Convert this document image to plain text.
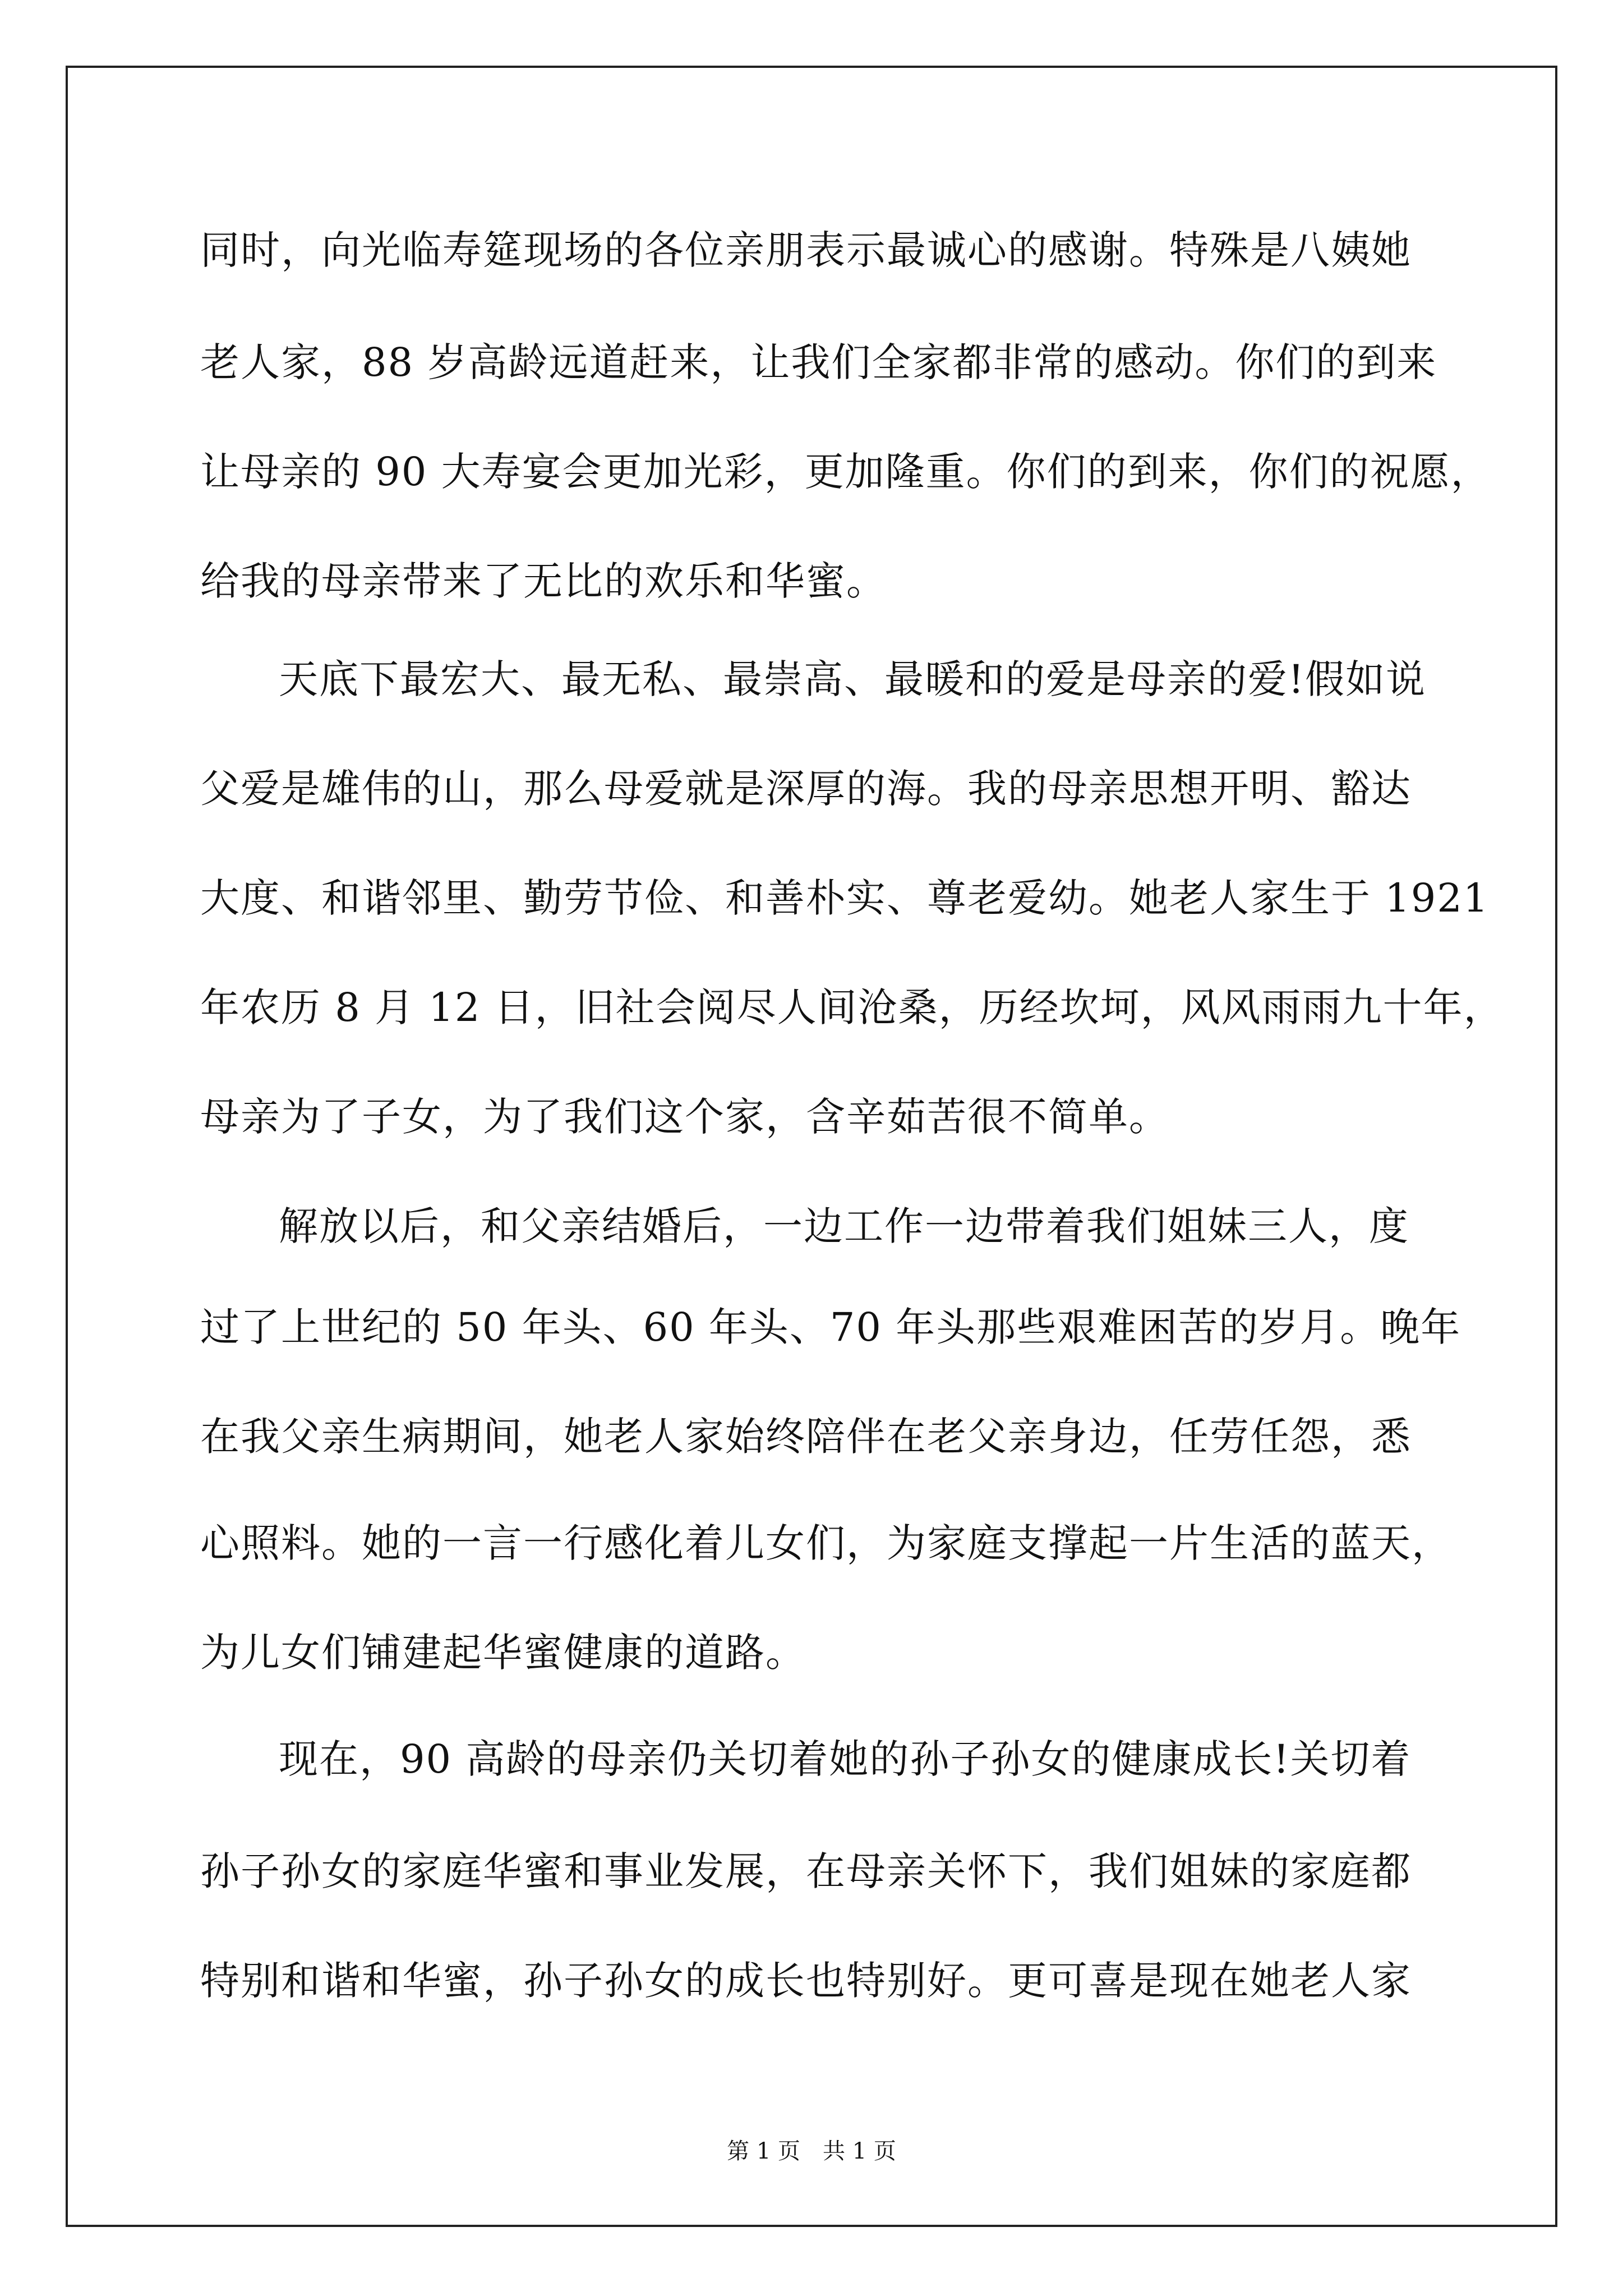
同时，向光临寿筵现场的各位亲朋表示最诚心的感谢。特殊是八姨她
老人家，88 岁高龄远道赶来，让我们全家都非常的感动。你们的到来
让母亲的 90 大寿宴会更加光彩，更加隆重。你们的到来，你们的祝愿，
给我的母亲带来了无比的欢乐和华蜜。
天底下最宏大、最无私、最崇高、最暖和的爱是母亲的爱!假如说
父爱是雄伟的山，那么母爱就是深厚的海。我的母亲思想开明、豁达
大度、和谐邻里、勤劳节俭、和善朴实、尊老爱幼。她老人家生于 1921
年农历 8 月 12 日，旧社会阅尽人间沧桑，历经坎坷，风风雨雨九十年，
母亲为了子女，为了我们这个家，含辛茹苦很不简单。
解放以后，和父亲结婚后，一边工作一边带着我们姐妹三人，度
过了上世纪的 50 年头、60 年头、70 年头那些艰难困苦的岁月。晚年
在我父亲生病期间，她老人家始终陪伴在老父亲身边，任劳任怨，悉
心照料。她的一言一行感化着儿女们，为家庭支撑起一片生活的蓝天，
为儿女们铺建起华蜜健康的道路。
现在，90 高龄的母亲仍关切着她的孙子孙女的健康成长!关切着
孙子孙女的家庭华蜜和事业发展，在母亲关怀下，我们姐妹的家庭都
特别和谐和华蜜，孙子孙女的成长也特别好。更可喜是现在她老人家
第 1 页　共 1 页
